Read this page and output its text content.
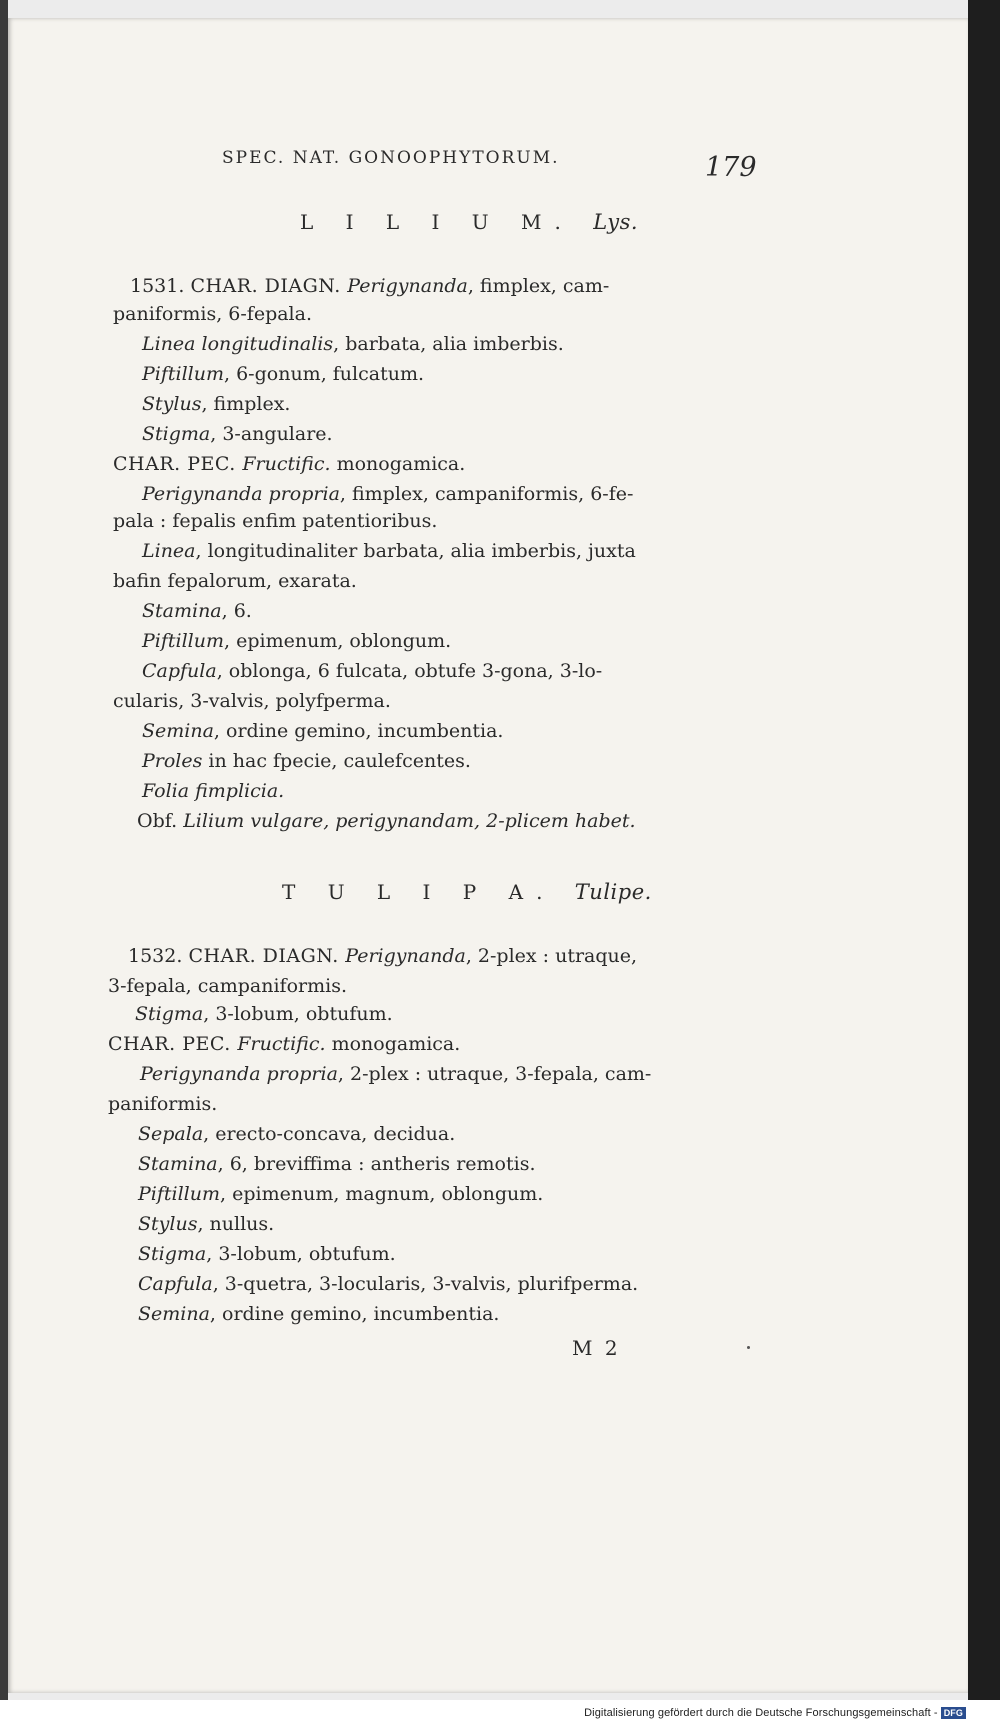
SPEC. NAT. GONOOPHYTORUM.	179
L I L I U M. Lys.
1531. CHAR. DIAGN. Perigynanda, fimplex, cam-
paniformis, 6-fepala.
Linea longitudinalis, barbata, alia imberbis.
Piftillum, 6-gonum, fulcatum.
Stylus, fimplex.
Stigma, 3-angulare.
CHAR. PEC. Fructific. monogamica.
Perigynanda propria, fimplex, campaniformis, 6-fe-
pala : fepalis enfim patentioribus.
Linea, longitudinaliter barbata, alia imberbis, juxta
bafin fepalorum, exarata.
Stamina, 6.
Piftillum, epimenum, oblongum.
Capfula, oblonga, 6 fulcata, obtufe 3-gona, 3-lo-
cularis, 3-valvis, polyfperma.
Semina, ordine gemino, incumbentia.
Proles in hac fpecie, caulefcentes.
Folia fimplicia.
Obf. Lilium vulgare, perigynandam, 2-plicem habet.
T U L I P A. Tulipe.
1532. CHAR. DIAGN. Perigynanda, 2-plex : utraque,
3-fepala, campaniformis.
Stigma, 3-lobum, obtufum.
CHAR. PEC. Fructific. monogamica.
Perigynanda propria, 2-plex : utraque, 3-fepala, cam-
paniformis.
Sepala, erecto-concava, decidua.
Stamina, 6, breviffima : antheris remotis.
Piftillum, epimenum, magnum, oblongum.
Stylus, nullus.
Stigma, 3-lobum, obtufum.
Capfula, 3-quetra, 3-locularis, 3-valvis, plurifperma.
Semina, ordine gemino, incumbentia.
M 2
Digitalisierung gefördert durch die Deutsche Forschungsgemeinschaft - DFG
